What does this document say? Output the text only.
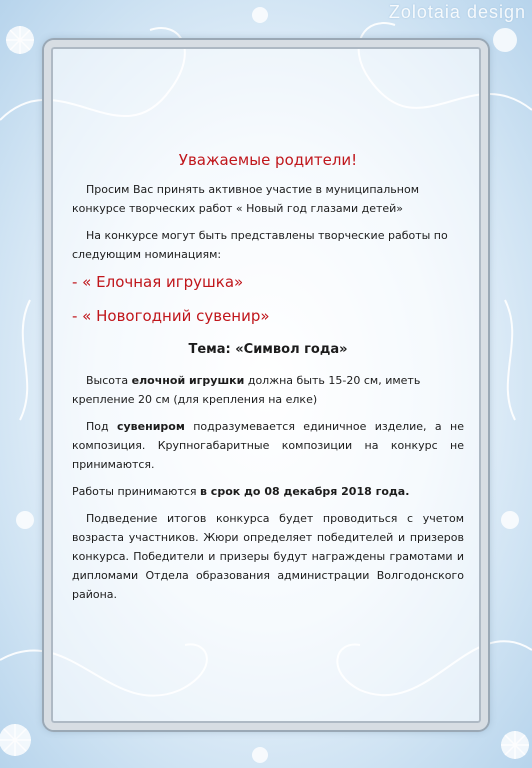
Zolotaia design
Уважаемые родители!

Просим Вас принять активное участие в муниципальном конкурсе творческих работ « Новый год глазами детей»

На конкурсе могут быть представлены творческие работы по следующим номинациям:

- « Елочная игрушка»
- « Новогодний сувенир»
Тема: «Символ года»

Высота елочной игрушки должна быть 15-20 см, иметь крепление 20 см (для крепления на елке)

Под сувениром подразумевается единичное изделие, а не композиция. Крупногабаритные композиции на конкурс не принимаются.

Работы принимаются в срок до 08 декабря 2018 года.

Подведение итогов конкурса будет проводиться с учетом возраста участников. Жюри определяет победителей и призеров конкурса. Победители и призеры будут награждены грамотами и дипломами Отдела образования администрации Волгодонского района.
